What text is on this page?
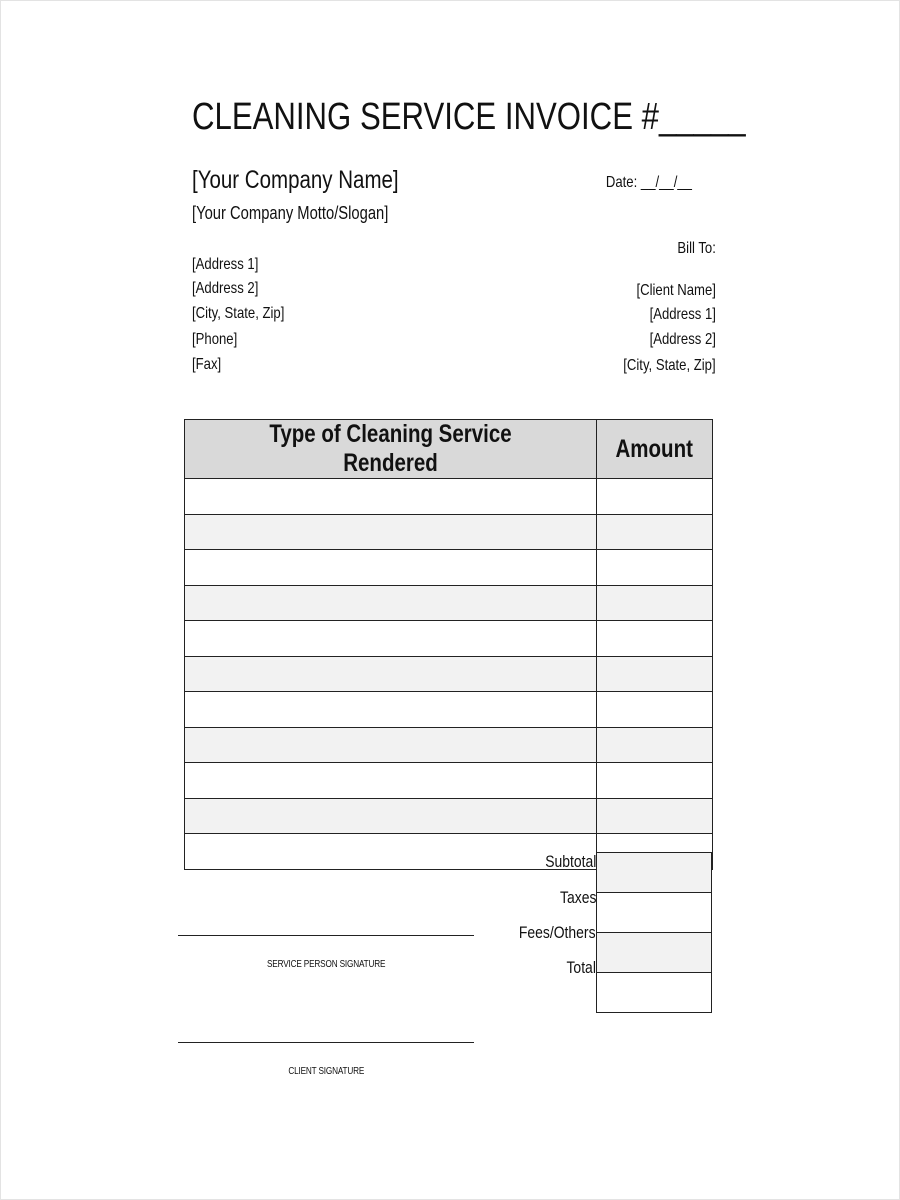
CLEANING SERVICE INVOICE #_____
[Your Company Name]
[Your Company Motto/Slogan]
Date: __/__/__
[Address 1]
[Address 2]
[City, State, Zip]
[Phone]
[Fax]
Bill To:
[Client Name]
[Address 1]
[Address 2]
[City, State, Zip]
Type of Cleaning Service Rendered	Amount

Subtotal
Taxes
Fees/Others
Total

SERVICE PERSON SIGNATURE
CLIENT SIGNATURE
